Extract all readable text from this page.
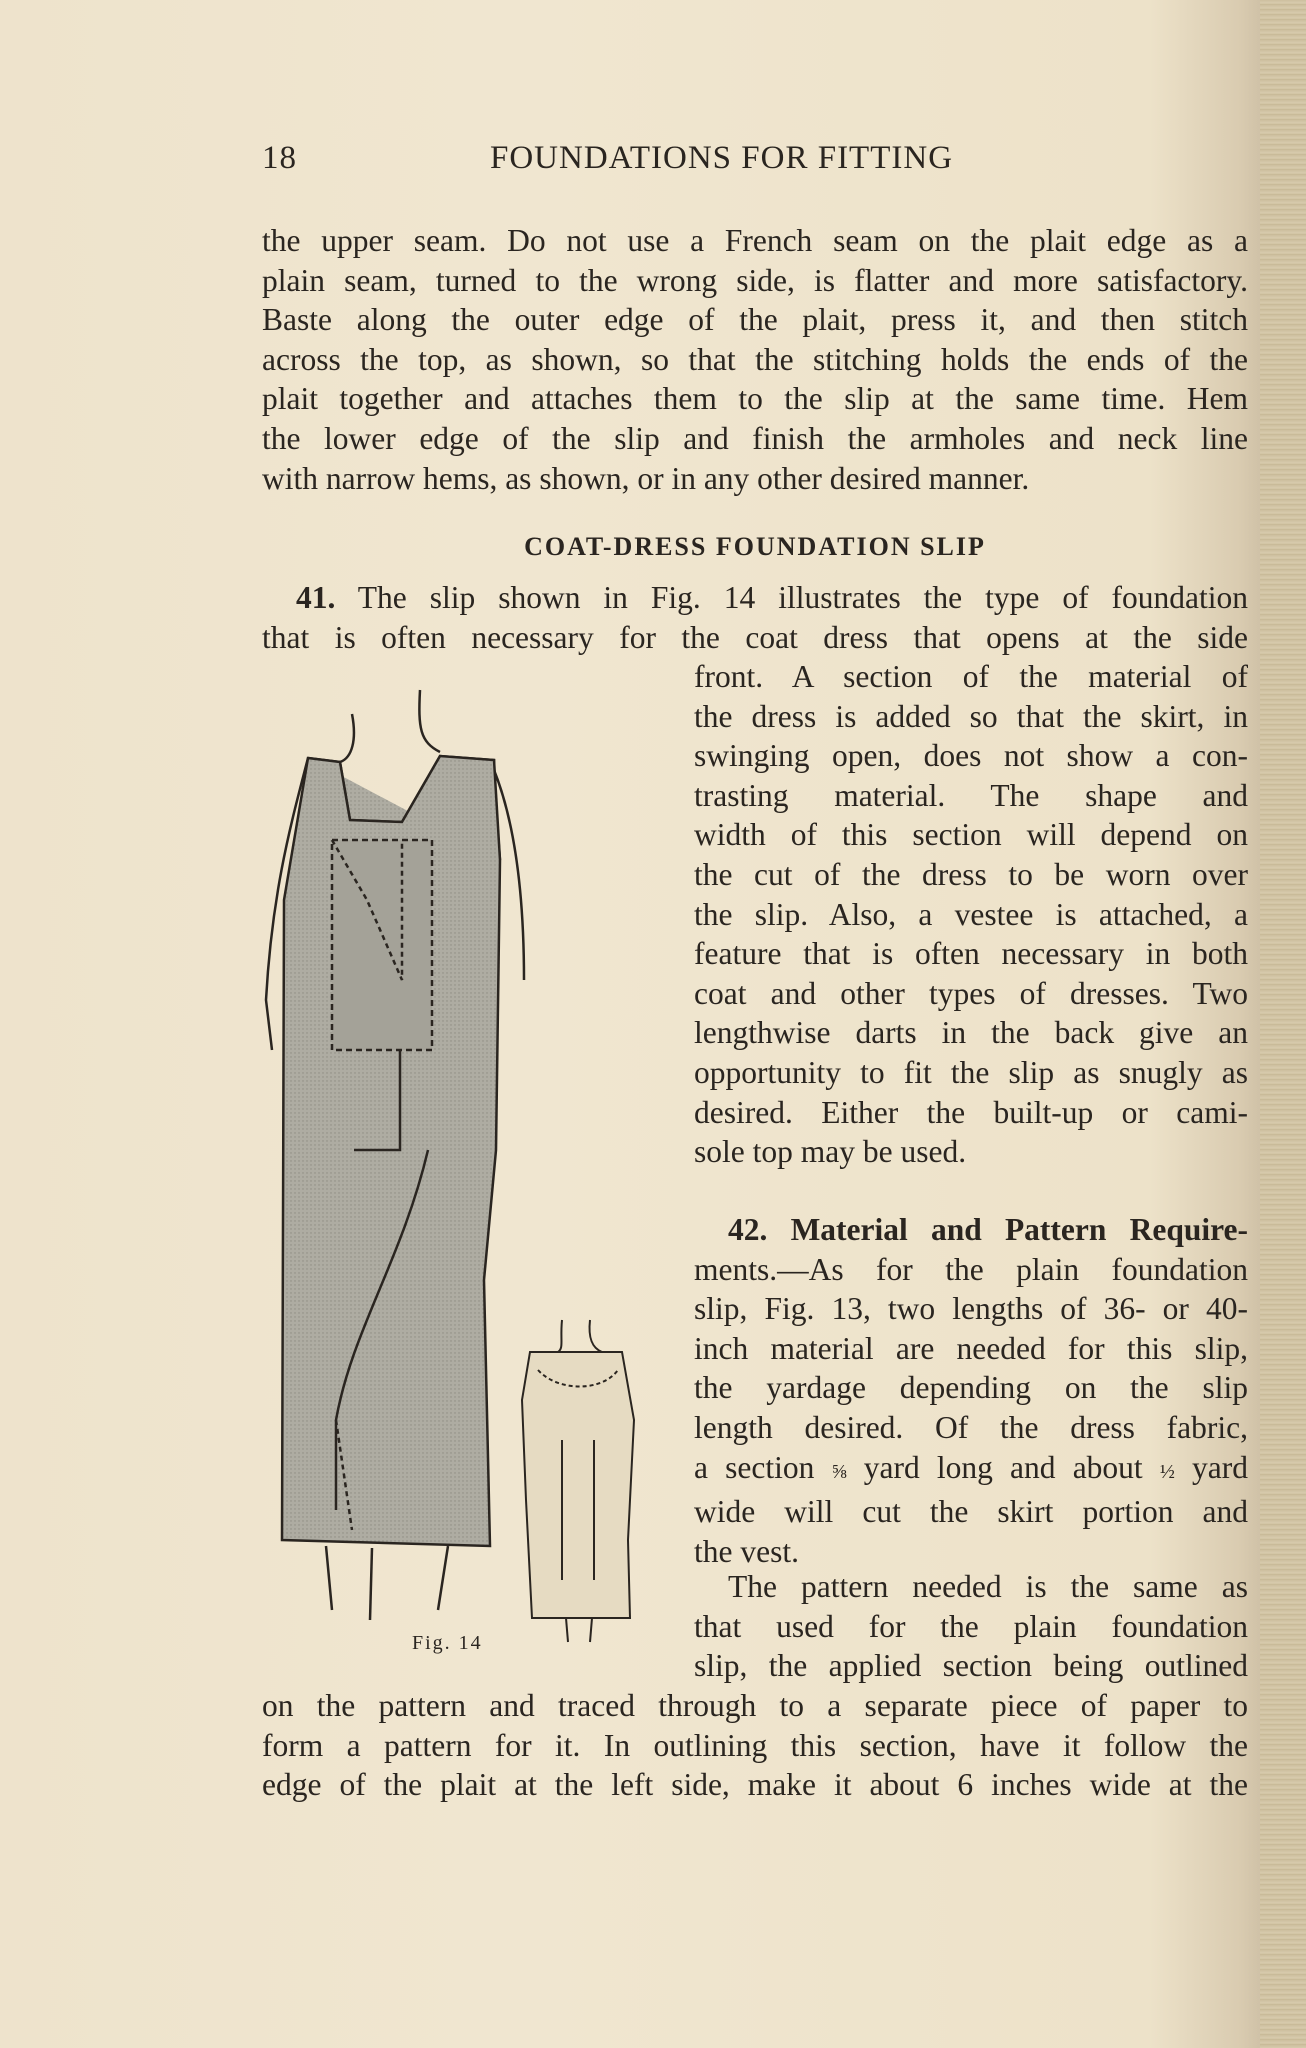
18	FOUNDATIONS FOR FITTING
the upper seam. Do not use a French seam on the plait edge as a
plain seam, turned to the wrong side, is flatter and more satisfactory.
Baste along the outer edge of the plait, press it, and then stitch
across the top, as shown, so that the stitching holds the ends of the
plait together and attaches them to the slip at the same time. Hem
the lower edge of the slip and finish the armholes and neck line
with narrow hems, as shown, or in any other desired manner.
COAT-DRESS FOUNDATION SLIP
41. The slip shown in Fig. 14 illustrates the type of foundation
that is often necessary for the coat dress that opens at the side
front. A section of the material of
the dress is added so that the skirt, in
swinging open, does not show a con-
trasting material. The shape and
width of this section will depend on
the cut of the dress to be worn over
the slip. Also, a vestee is attached, a
feature that is often necessary in both
coat and other types of dresses. Two
lengthwise darts in the back give an
opportunity to fit the slip as snugly as
desired. Either the built-up or cami-
sole top may be used.
42. Material and Pattern Require-
ments.—As for the plain foundation
slip, Fig. 13, two lengths of 36- or 40-
inch material are needed for this slip,
the yardage depending on the slip
length desired. Of the dress fabric,
a section ⅝ yard long and about ½ yard
wide will cut the skirt portion and
the vest.
The pattern needed is the same as
that used for the plain foundation
slip, the applied section being outlined
on the pattern and traced through to a separate piece of paper to
form a pattern for it. In outlining this section, have it follow the
edge of the plait at the left side, make it about 6 inches wide at the
Fig. 14
